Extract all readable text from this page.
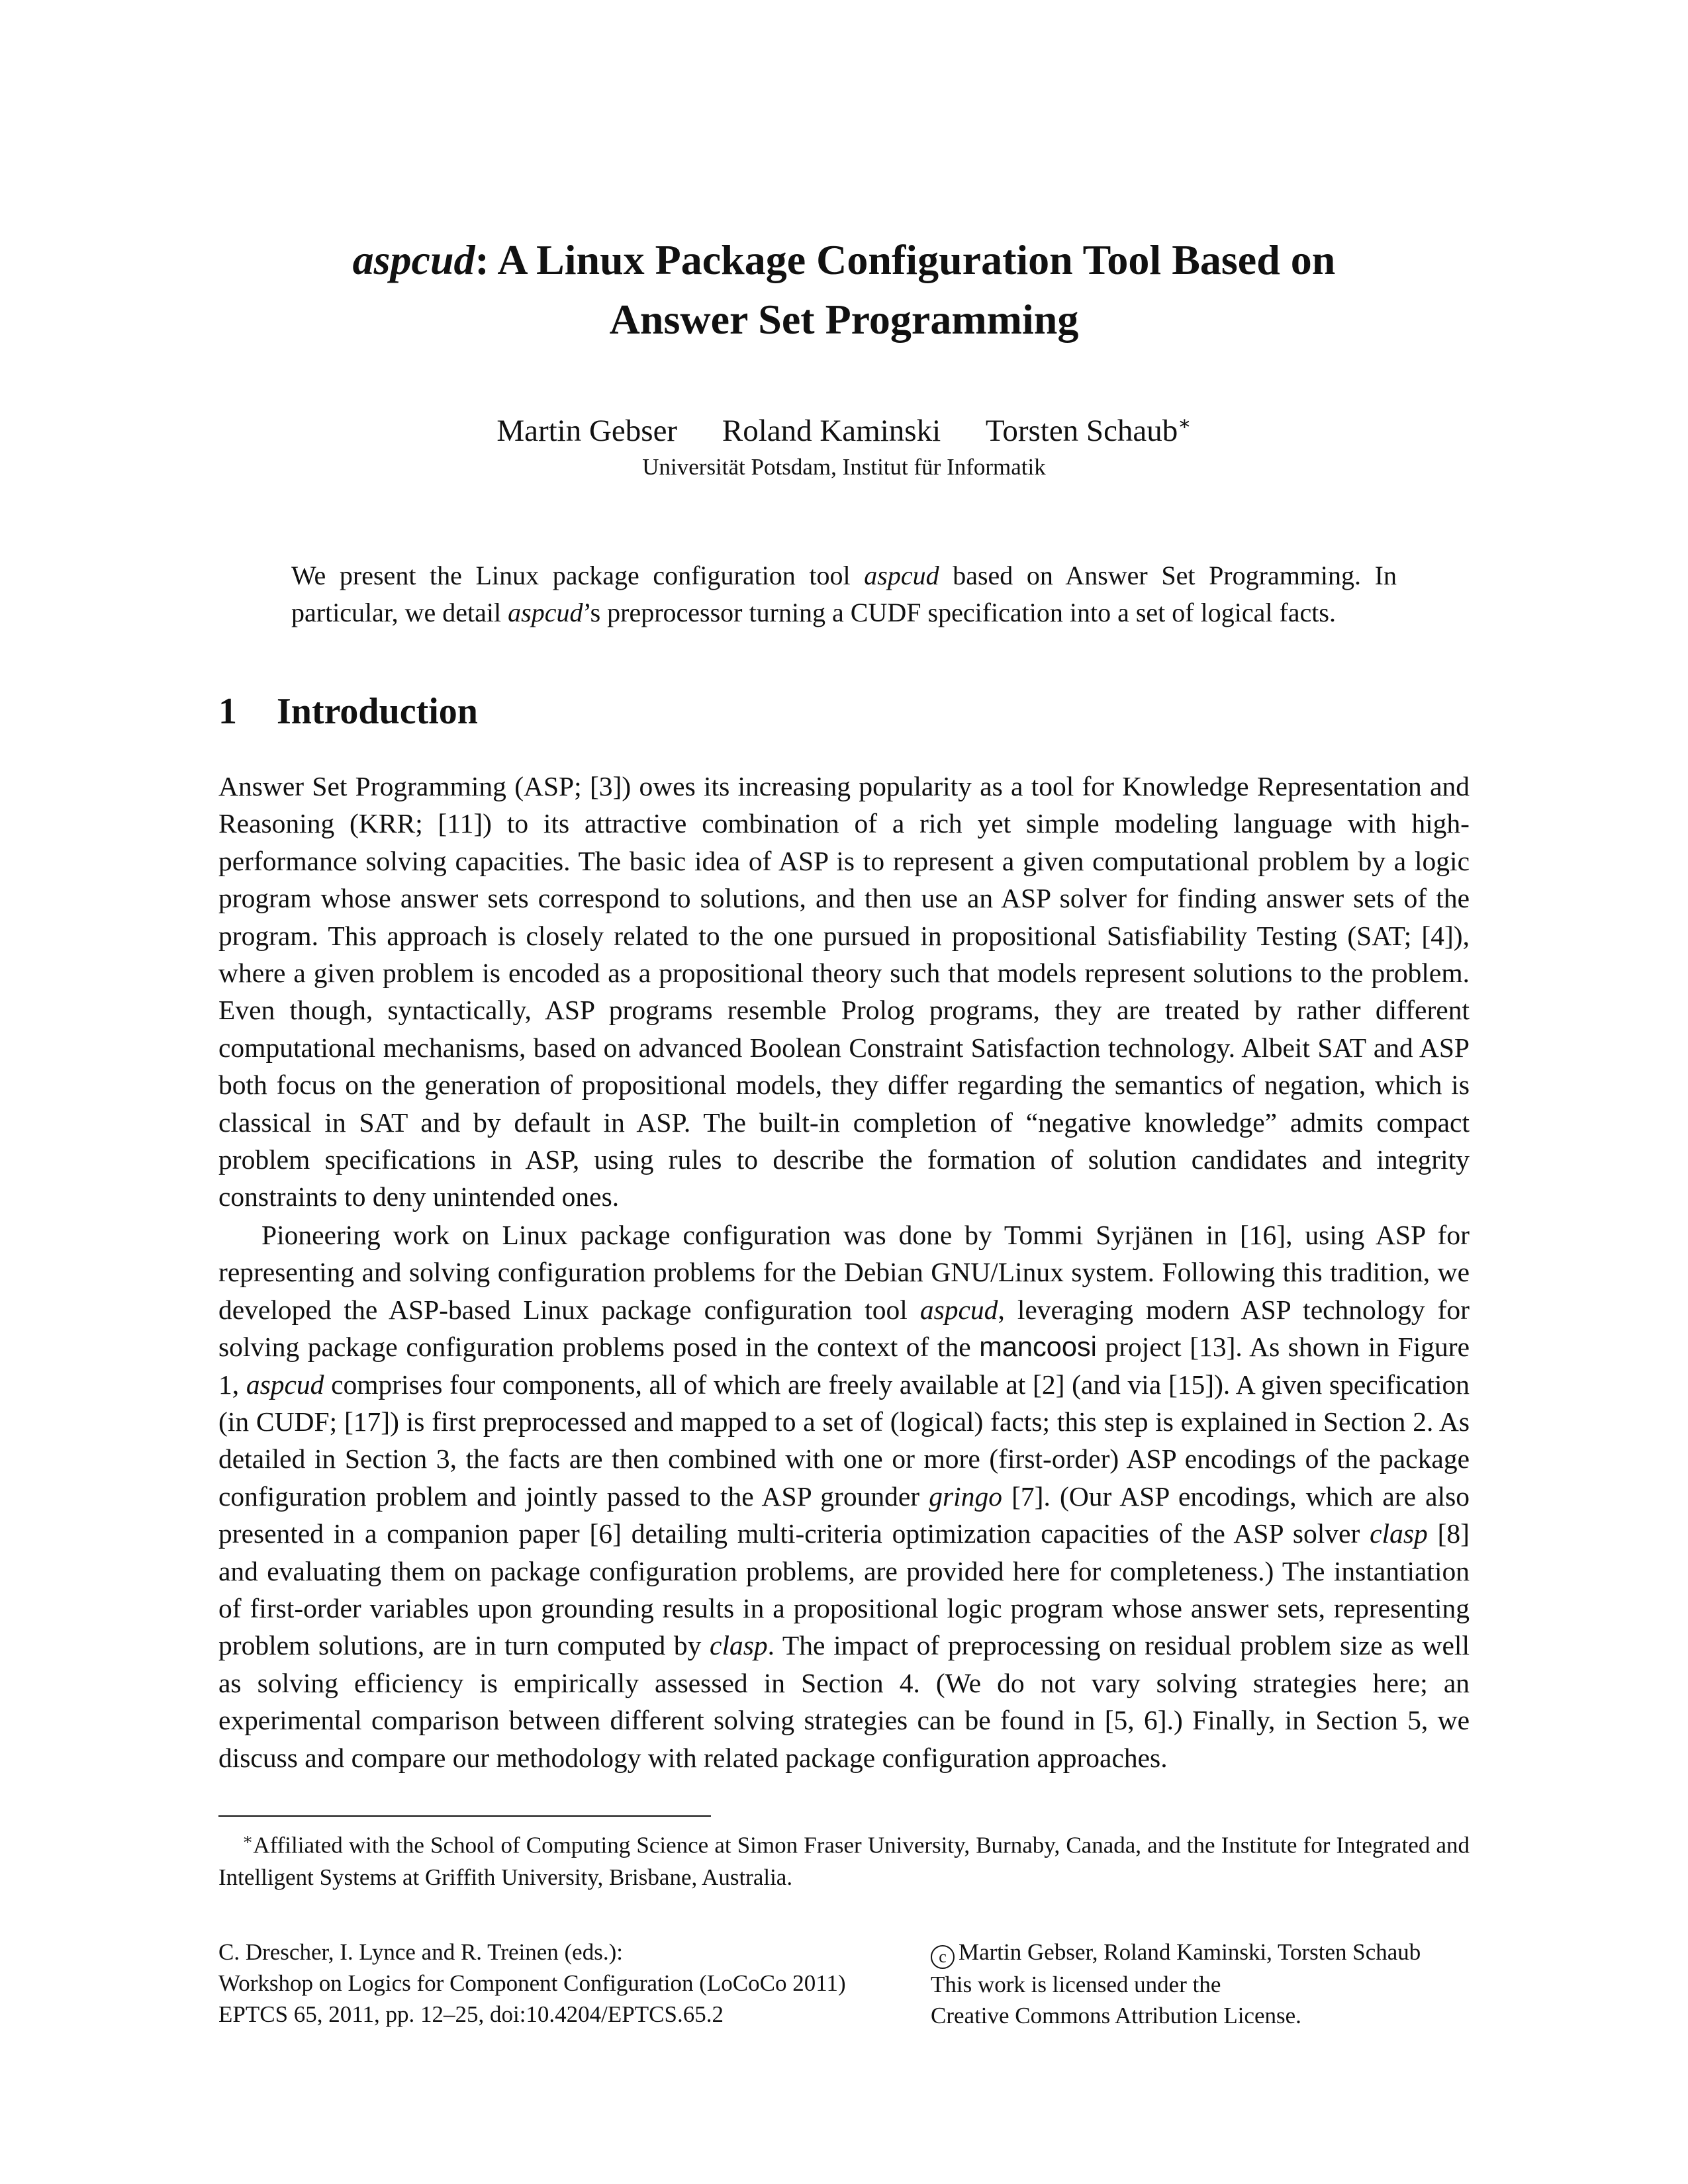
aspcud: A Linux Package Configuration Tool Based on
Answer Set Programming
Martin Gebser Roland Kaminski Torsten Schaub∗
Universität Potsdam, Institut für Informatik
We present the Linux package configuration tool aspcud based on Answer Set Programming. In particular, we detail aspcud’s preprocessor turning a CUDF specification into a set of logical facts.
1 Introduction
Answer Set Programming (ASP; [3]) owes its increasing popularity as a tool for Knowledge Representation and Reasoning (KRR; [11]) to its attractive combination of a rich yet simple modeling language with high-performance solving capacities. The basic idea of ASP is to represent a given computational problem by a logic program whose answer sets correspond to solutions, and then use an ASP solver for finding answer sets of the program. This approach is closely related to the one pursued in propositional Satisfiability Testing (SAT; [4]), where a given problem is encoded as a propositional theory such that models represent solutions to the problem. Even though, syntactically, ASP programs resemble Prolog programs, they are treated by rather different computational mechanisms, based on advanced Boolean Constraint Satisfaction technology. Albeit SAT and ASP both focus on the generation of propositional models, they differ regarding the semantics of negation, which is classical in SAT and by default in ASP. The built-in completion of “negative knowledge” admits compact problem specifications in ASP, using rules to describe the formation of solution candidates and integrity constraints to deny unintended ones.
Pioneering work on Linux package configuration was done by Tommi Syrjänen in [16], using ASP for representing and solving configuration problems for the Debian GNU/Linux system. Following this tradition, we developed the ASP-based Linux package configuration tool aspcud, leveraging modern ASP technology for solving package configuration problems posed in the context of the mancoosi project [13]. As shown in Figure 1, aspcud comprises four components, all of which are freely available at [2] (and via [15]). A given specification (in CUDF; [17]) is first preprocessed and mapped to a set of (logical) facts; this step is explained in Section 2. As detailed in Section 3, the facts are then combined with one or more (first-order) ASP encodings of the package configuration problem and jointly passed to the ASP grounder gringo [7]. (Our ASP encodings, which are also presented in a companion paper [6] detailing multi-criteria optimization capacities of the ASP solver clasp [8] and evaluating them on package configuration problems, are provided here for completeness.) The instantiation of first-order variables upon grounding results in a propositional logic program whose answer sets, representing problem solutions, are in turn computed by clasp. The impact of preprocessing on residual problem size as well as solving efficiency is empirically assessed in Section 4. (We do not vary solving strategies here; an experimental comparison between different solving strategies can be found in [5, 6].) Finally, in Section 5, we discuss and compare our methodology with related package configuration approaches.
∗Affiliated with the School of Computing Science at Simon Fraser University, Burnaby, Canada, and the Institute for Integrated and Intelligent Systems at Griffith University, Brisbane, Australia.
C. Drescher, I. Lynce and R. Treinen (eds.):
Workshop on Logics for Component Configuration (LoCoCo 2011)
EPTCS 65, 2011, pp. 12–25, doi:10.4204/EPTCS.65.2
c Martin Gebser, Roland Kaminski, Torsten Schaub
This work is licensed under the
Creative Commons Attribution License.
